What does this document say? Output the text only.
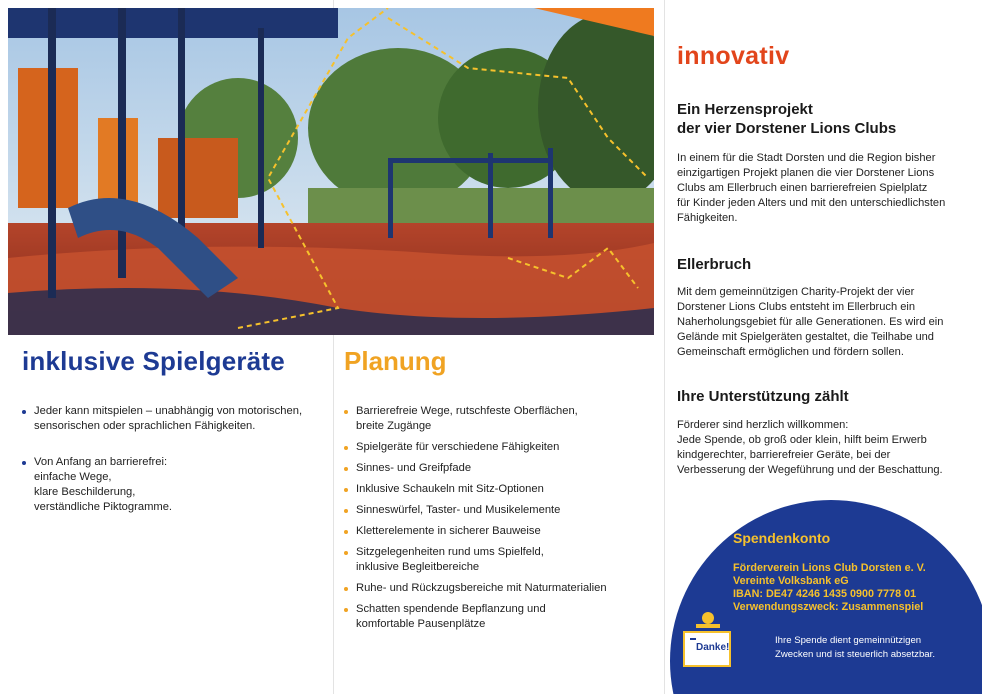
inklusive Spielgeräte
Jeder kann mitspielen – unabhängig von motorischen,
sensorischen oder sprachlichen Fähigkeiten.
Von Anfang an barrierefrei:
einfache Wege,
klare Beschilderung,
verständliche Piktogramme.
Planung
Barrierefreie Wege, rutschfeste Oberflächen,
breite Zugänge
Spielgeräte für verschiedene Fähigkeiten
Sinnes- und Greifpfade
Inklusive Schaukeln mit Sitz-Optionen
Sinneswürfel, Taster- und Musikelemente
Kletterelemente in sicherer Bauweise
Sitzgelegenheiten rund ums Spielfeld,
inklusive Begleitbereiche
Ruhe- und Rückzugsbereiche mit Naturmaterialien
Schatten spendende Bepflanzung und
komfortable Pausenplätze
innovativ
Ein Herzensprojekt
der vier Dorstener Lions Clubs
In einem für die Stadt Dorsten und die Region bisher
einzigartigen Projekt planen die vier Dorstener Lions
Clubs am Ellerbruch einen barrierefreien Spielplatz
für Kinder jeden Alters und mit den unterschiedlichsten
Fähigkeiten.
Ellerbruch
Mit dem gemeinnützigen Charity-Projekt der vier
Dorstener Lions Clubs entsteht im Ellerbruch ein
Naherholungsgebiet für alle Generationen. Es wird ein
Gelände mit Spielgeräten gestaltet, die Teilhabe und
Gemeinschaft ermöglichen und fördern sollen.
Ihre Unterstützung zählt
Förderer sind herzlich willkommen:
Jede Spende, ob groß oder klein, hilft beim Erwerb
kindgerechter, barrierefreier Geräte, bei der
Verbesserung der Wegeführung und der Beschattung.
Spendenkonto
Förderverein Lions Club Dorsten e. V.
Vereinte Volksbank eG
IBAN: DE47 4246 1435 0900 7778 01
Verwendungszweck: Zusammenspiel
Danke!
Ihre Spende dient gemeinnützigen
Zwecken und ist steuerlich absetzbar.
